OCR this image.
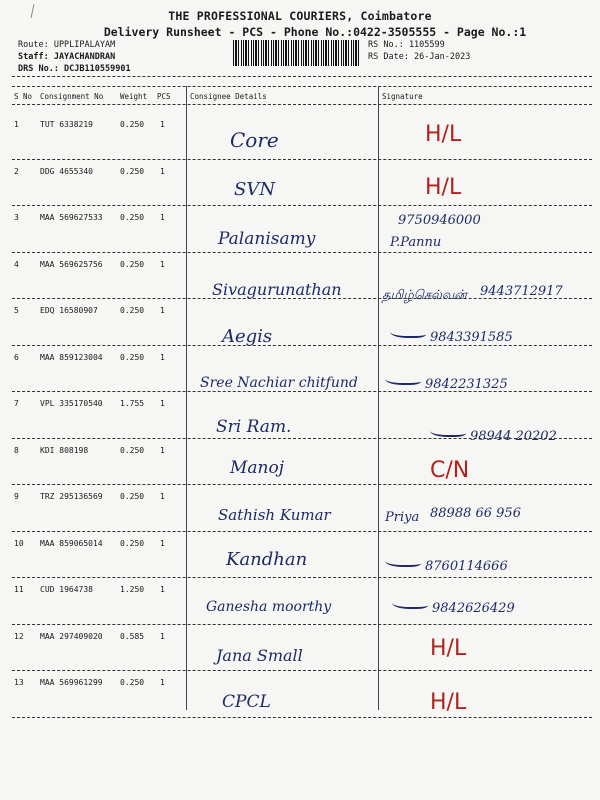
THE PROFESSIONAL COURIERS, Coimbatore
Delivery Runsheet - PCS - Phone No.:0422-3505555 - Page No.:1
Route: UPPLIPALAYAM
Staff: JAYACHANDRAN
DRS No.: DCJB110559901
RS No.: 1105599
RS Date: 26-Jan-2023
S No Consignment No Weight PCS	Consignee Details	Signature
1	TUT 6338219	0.250 1
Core	H/L
2	DDG 4655340	0.250 1
SVN	H/L
3	MAA 569627533 0.250 1
Palanisamy	P.Pannu
9750946000
4	MAA 569625756 0.250 1
Sivagurunathan	தமிழ்செல்வன் 9443712917
5	EDQ 16580907	0.250 1
Aegis	9843391585
6	MAA 859123004 0.250 1
Sree Nachiar chitfund	9842231325
7	VPL 335170540 1.755 1
Sri Ram.	98944 20202
8	KDI 808198	0.250 1
Manoj	C/N
9	TRZ 295136569 0.250 1
Sathish Kumar	Priya 88988 66 956
10 MAA 859065014 0.250 1
Kandhan	8760114666
11 CUD 1964738	1.250 1
Ganesha moorthy	9842626429
12 MAA 297409020 0.585 1
Jana Small	H/L
13 MAA 569961299 0.250 1
CPCL	H/L
